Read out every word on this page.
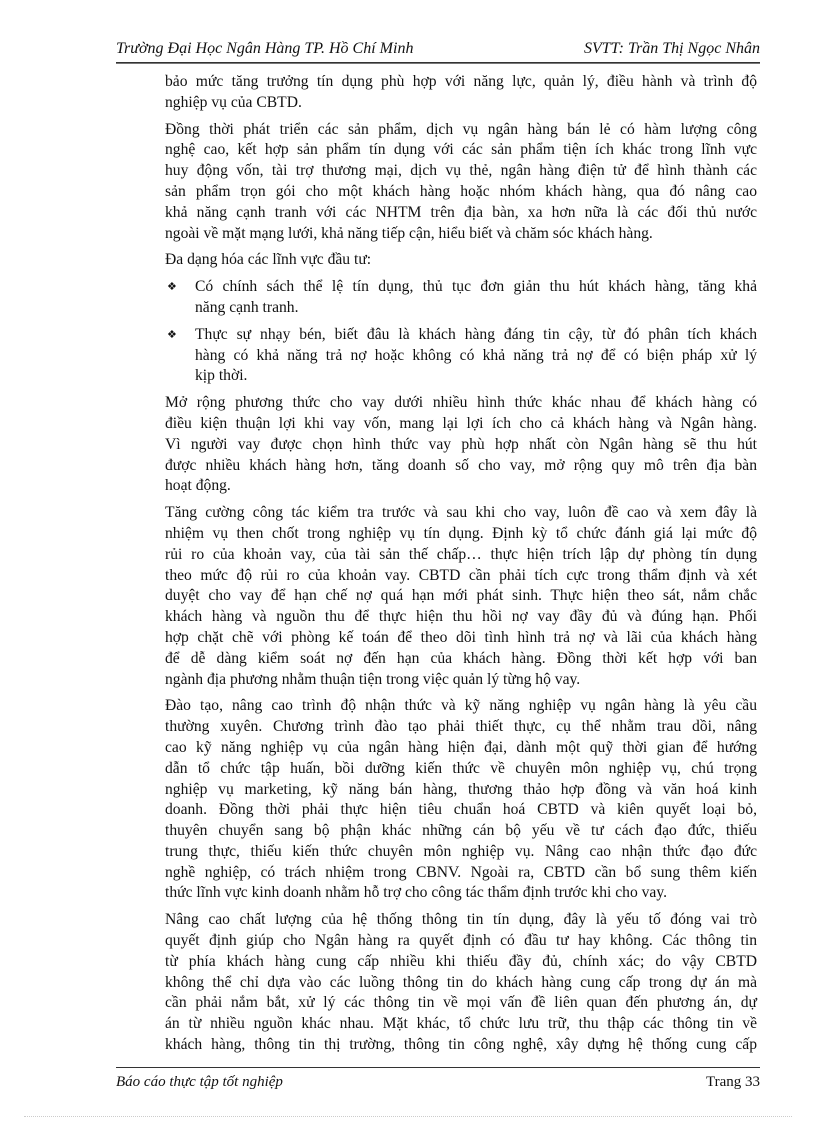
Trường Đại Học Ngân Hàng TP. Hồ Chí Minh	SVTT: Trần Thị Ngọc Nhân
bảo mức tăng trưởng tín dụng phù hợp với năng lực, quản lý, điều hành và trình độ
nghiệp vụ của CBTD.
Đồng thời phát triển các sản phẩm, dịch vụ ngân hàng bán lẻ có hàm lượng công
nghệ cao, kết hợp sản phẩm tín dụng với các sản phẩm tiện ích khác trong lĩnh vực
huy động vốn, tài trợ thương mại, dịch vụ thẻ, ngân hàng điện tử để hình thành các
sản phẩm trọn gói cho một khách hàng hoặc nhóm khách hàng, qua đó nâng cao
khả năng cạnh tranh với các NHTM trên địa bàn, xa hơn nữa là các đối thủ nước
ngoài về mặt mạng lưới, khả năng tiếp cận, hiểu biết và chăm sóc khách hàng.
Đa dạng hóa các lĩnh vực đầu tư:
❖ Có chính sách thể lệ tín dụng, thủ tục đơn giản thu hút khách hàng, tăng khả
năng cạnh tranh.
❖ Thực sự nhạy bén, biết đâu là khách hàng đáng tin cậy, từ đó phân tích khách
hàng có khả năng trả nợ hoặc không có khả năng trả nợ để có biện pháp xử lý
kịp thời.
Mở rộng phương thức cho vay dưới nhiều hình thức khác nhau để khách hàng có
điều kiện thuận lợi khi vay vốn, mang lại lợi ích cho cả khách hàng và Ngân hàng.
Vì người vay được chọn hình thức vay phù hợp nhất còn Ngân hàng sẽ thu hút
được nhiều khách hàng hơn, tăng doanh số cho vay, mở rộng quy mô trên địa bàn
hoạt động.
Tăng cường công tác kiểm tra trước và sau khi cho vay, luôn đề cao và xem đây là
nhiệm vụ then chốt trong nghiệp vụ tín dụng. Định kỳ tổ chức đánh giá lại mức độ
rủi ro của khoản vay, của tài sản thế chấp… thực hiện trích lập dự phòng tín dụng
theo mức độ rủi ro của khoản vay. CBTD cần phải tích cực trong thẩm định và xét
duyệt cho vay để hạn chế nợ quá hạn mới phát sinh. Thực hiện theo sát, nắm chắc
khách hàng và nguồn thu để thực hiện thu hồi nợ vay đầy đủ và đúng hạn. Phối
hợp chặt chẽ với phòng kế toán để theo dõi tình hình trả nợ và lãi của khách hàng
để dễ dàng kiểm soát nợ đến hạn của khách hàng. Đồng thời kết hợp với ban
ngành địa phương nhằm thuận tiện trong việc quản lý từng hộ vay.
Đào tạo, nâng cao trình độ nhận thức và kỹ năng nghiệp vụ ngân hàng là yêu cầu
thường xuyên. Chương trình đào tạo phải thiết thực, cụ thể nhằm trau dồi, nâng
cao kỹ năng nghiệp vụ của ngân hàng hiện đại, dành một quỹ thời gian để hướng
dẫn tổ chức tập huấn, bồi dưỡng kiến thức về chuyên môn nghiệp vụ, chú trọng
nghiệp vụ marketing, kỹ năng bán hàng, thương thảo hợp đồng và văn hoá kinh
doanh. Đồng thời phải thực hiện tiêu chuẩn hoá CBTD và kiên quyết loại bỏ,
thuyên chuyển sang bộ phận khác những cán bộ yếu về tư cách đạo đức, thiếu
trung thực, thiếu kiến thức chuyên môn nghiệp vụ. Nâng cao nhận thức đạo đức
nghề nghiệp, có trách nhiệm trong CBNV. Ngoài ra, CBTD cần bổ sung thêm kiến
thức lĩnh vực kinh doanh nhằm hỗ trợ cho công tác thẩm định trước khi cho vay.
Nâng cao chất lượng của hệ thống thông tin tín dụng, đây là yếu tố đóng vai trò
quyết định giúp cho Ngân hàng ra quyết định có đầu tư hay không. Các thông tin
từ phía khách hàng cung cấp nhiều khi thiếu đầy đủ, chính xác; do vậy CBTD
không thể chỉ dựa vào các luồng thông tin do khách hàng cung cấp trong dự án mà
cần phải nắm bắt, xử lý các thông tin về mọi vấn đề liên quan đến phương án, dự
án từ nhiều nguồn khác nhau. Mặt khác, tổ chức lưu trữ, thu thập các thông tin về
khách hàng, thông tin thị trường, thông tin công nghệ, xây dựng hệ thống cung cấp
Báo cáo thực tập tốt nghiệp	Trang 33
